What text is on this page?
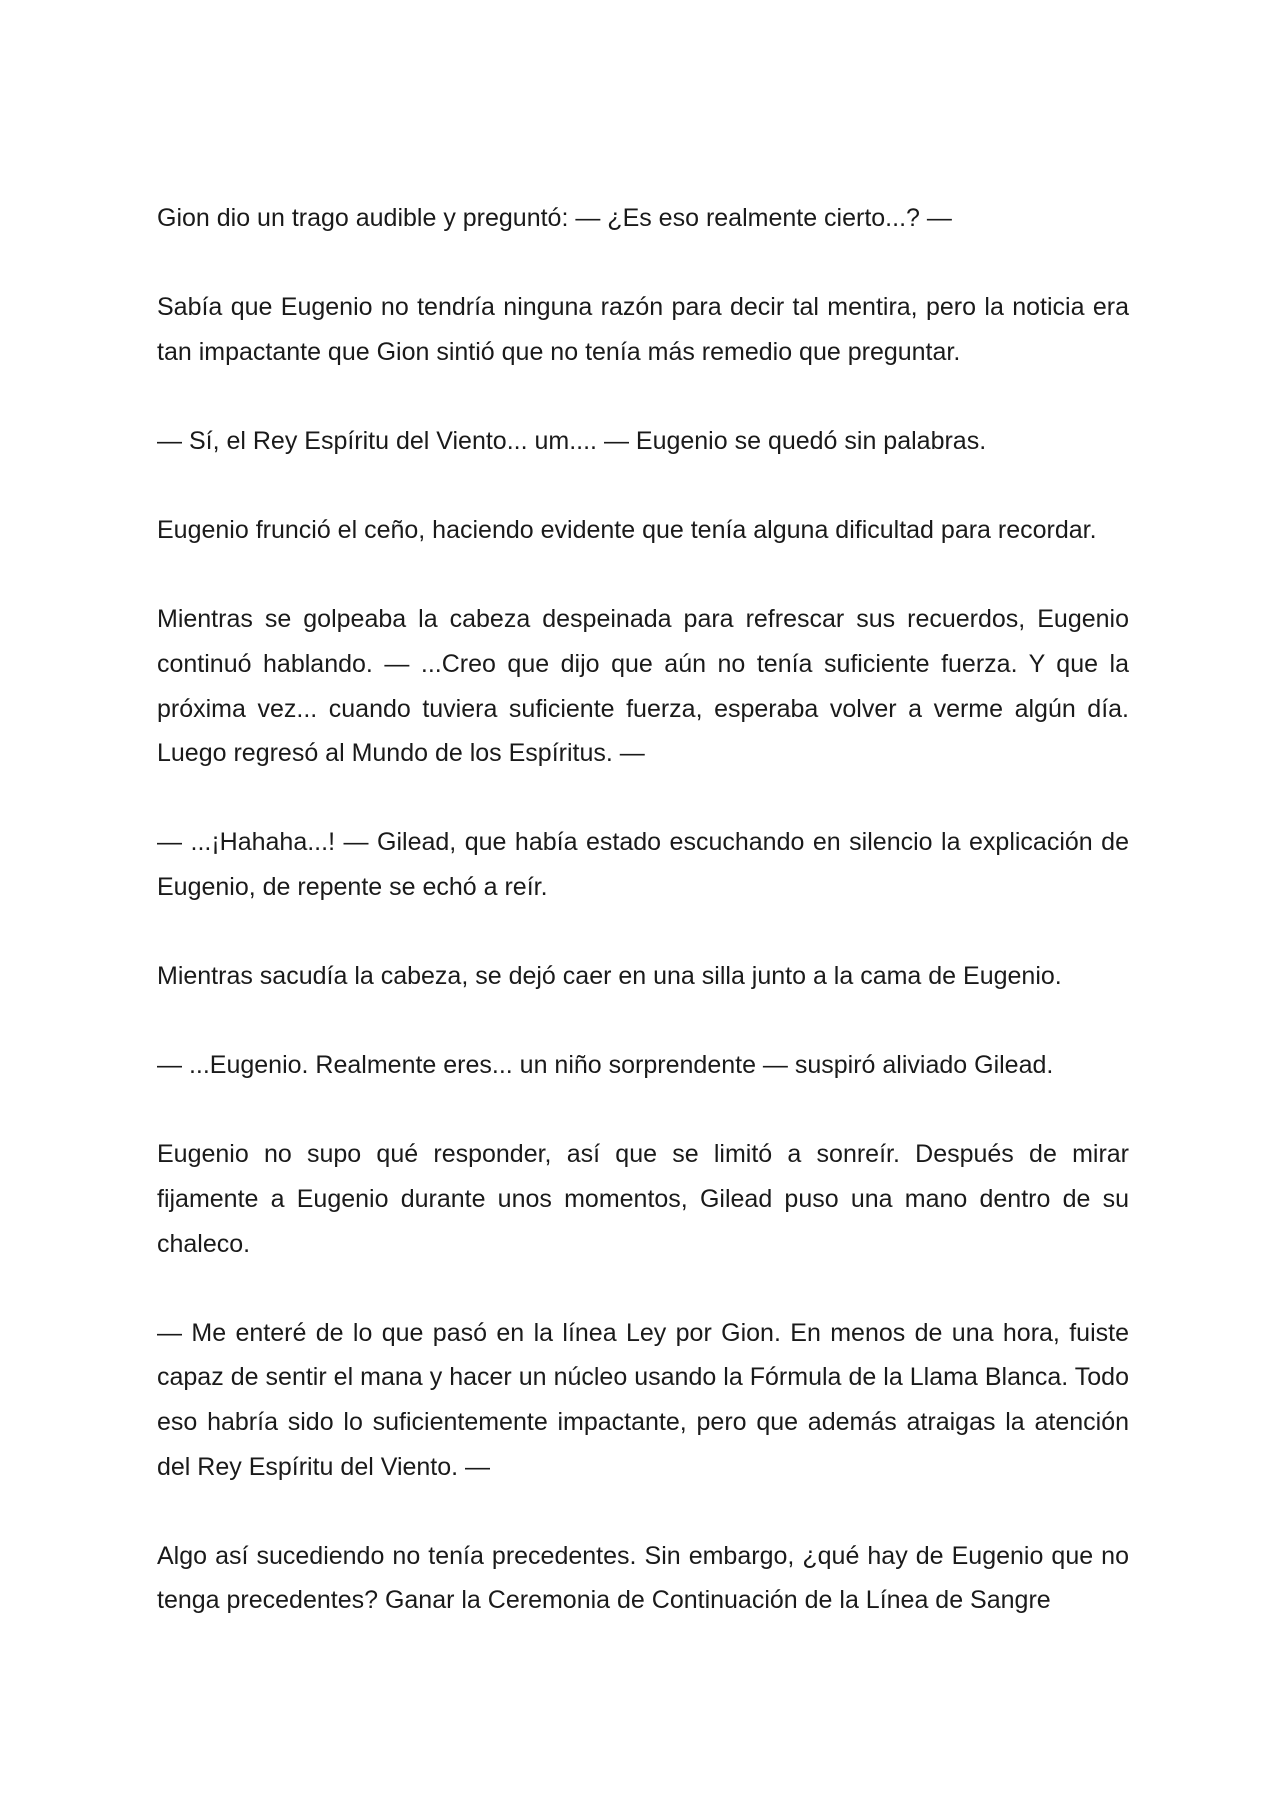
Gion dio un trago audible y preguntó: — ¿Es eso realmente cierto...? —

Sabía que Eugenio no tendría ninguna razón para decir tal mentira, pero la noticia era tan impactante que Gion sintió que no tenía más remedio que preguntar.

— Sí, el Rey Espíritu del Viento... um.... — Eugenio se quedó sin palabras.

Eugenio frunció el ceño, haciendo evidente que tenía alguna dificultad para recordar.

Mientras se golpeaba la cabeza despeinada para refrescar sus recuerdos, Eugenio continuó hablando. — ...Creo que dijo que aún no tenía suficiente fuerza. Y que la próxima vez... cuando tuviera suficiente fuerza, esperaba volver a verme algún día. Luego regresó al Mundo de los Espíritus. —

— ...¡Hahaha...! — Gilead, que había estado escuchando en silencio la explicación de Eugenio, de repente se echó a reír.

Mientras sacudía la cabeza, se dejó caer en una silla junto a la cama de Eugenio.

— ...Eugenio. Realmente eres... un niño sorprendente — suspiró aliviado Gilead.

Eugenio no supo qué responder, así que se limitó a sonreír. Después de mirar fijamente a Eugenio durante unos momentos, Gilead puso una mano dentro de su chaleco.

— Me enteré de lo que pasó en la línea Ley por Gion. En menos de una hora, fuiste capaz de sentir el mana y hacer un núcleo usando la Fórmula de la Llama Blanca. Todo eso habría sido lo suficientemente impactante, pero que además atraigas la atención del Rey Espíritu del Viento. —

Algo así sucediendo no tenía precedentes. Sin embargo, ¿qué hay de Eugenio que no tenga precedentes? Ganar la Ceremonia de Continuación de la Línea de Sangre
